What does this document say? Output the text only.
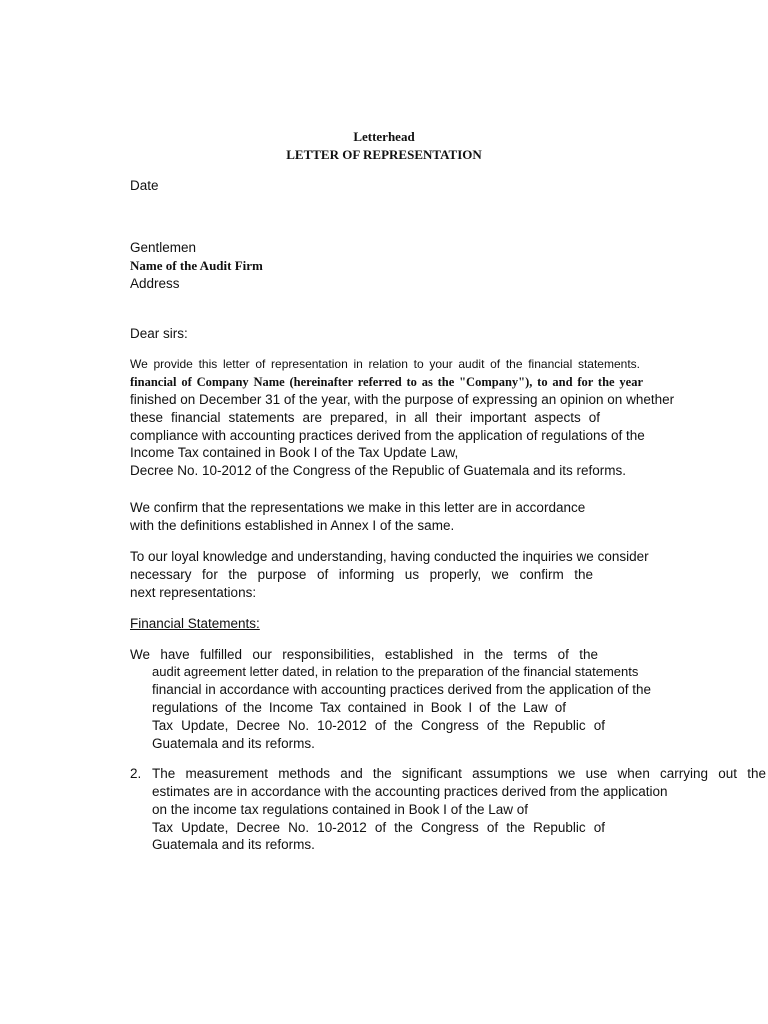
Letterhead
LETTER OF REPRESENTATION
Date
Gentlemen
Name of the Audit Firm
Address
Dear sirs:
We provide this letter of representation in relation to your audit of the financial statements.
financial of Company Name (hereinafter referred to as the "Company"), to and for the year
finished on December 31 of the year, with the purpose of expressing an opinion on whether
these financial statements are prepared, in all their important aspects of
compliance with accounting practices derived from the application of regulations of the
Income Tax contained in Book I of the Tax Update Law,
Decree No. 10-2012 of the Congress of the Republic of Guatemala and its reforms.
We confirm that the representations we make in this letter are in accordance
with the definitions established in Annex I of the same.
To our loyal knowledge and understanding, having conducted the inquiries we consider
necessary for the purpose of informing us properly, we confirm the
next representations:
Financial Statements:
We have fulfilled our responsibilities, established in the terms of the
audit agreement letter dated, in relation to the preparation of the financial statements
financial in accordance with accounting practices derived from the application of the
regulations of the Income Tax contained in Book I of the Law of
Tax Update, Decree No. 10-2012 of the Congress of the Republic of
Guatemala and its reforms.
2. The measurement methods and the significant assumptions we use when carrying out the
estimates are in accordance with the accounting practices derived from the application
on the income tax regulations contained in Book I of the Law of
Tax Update, Decree No. 10-2012 of the Congress of the Republic of
Guatemala and its reforms.
